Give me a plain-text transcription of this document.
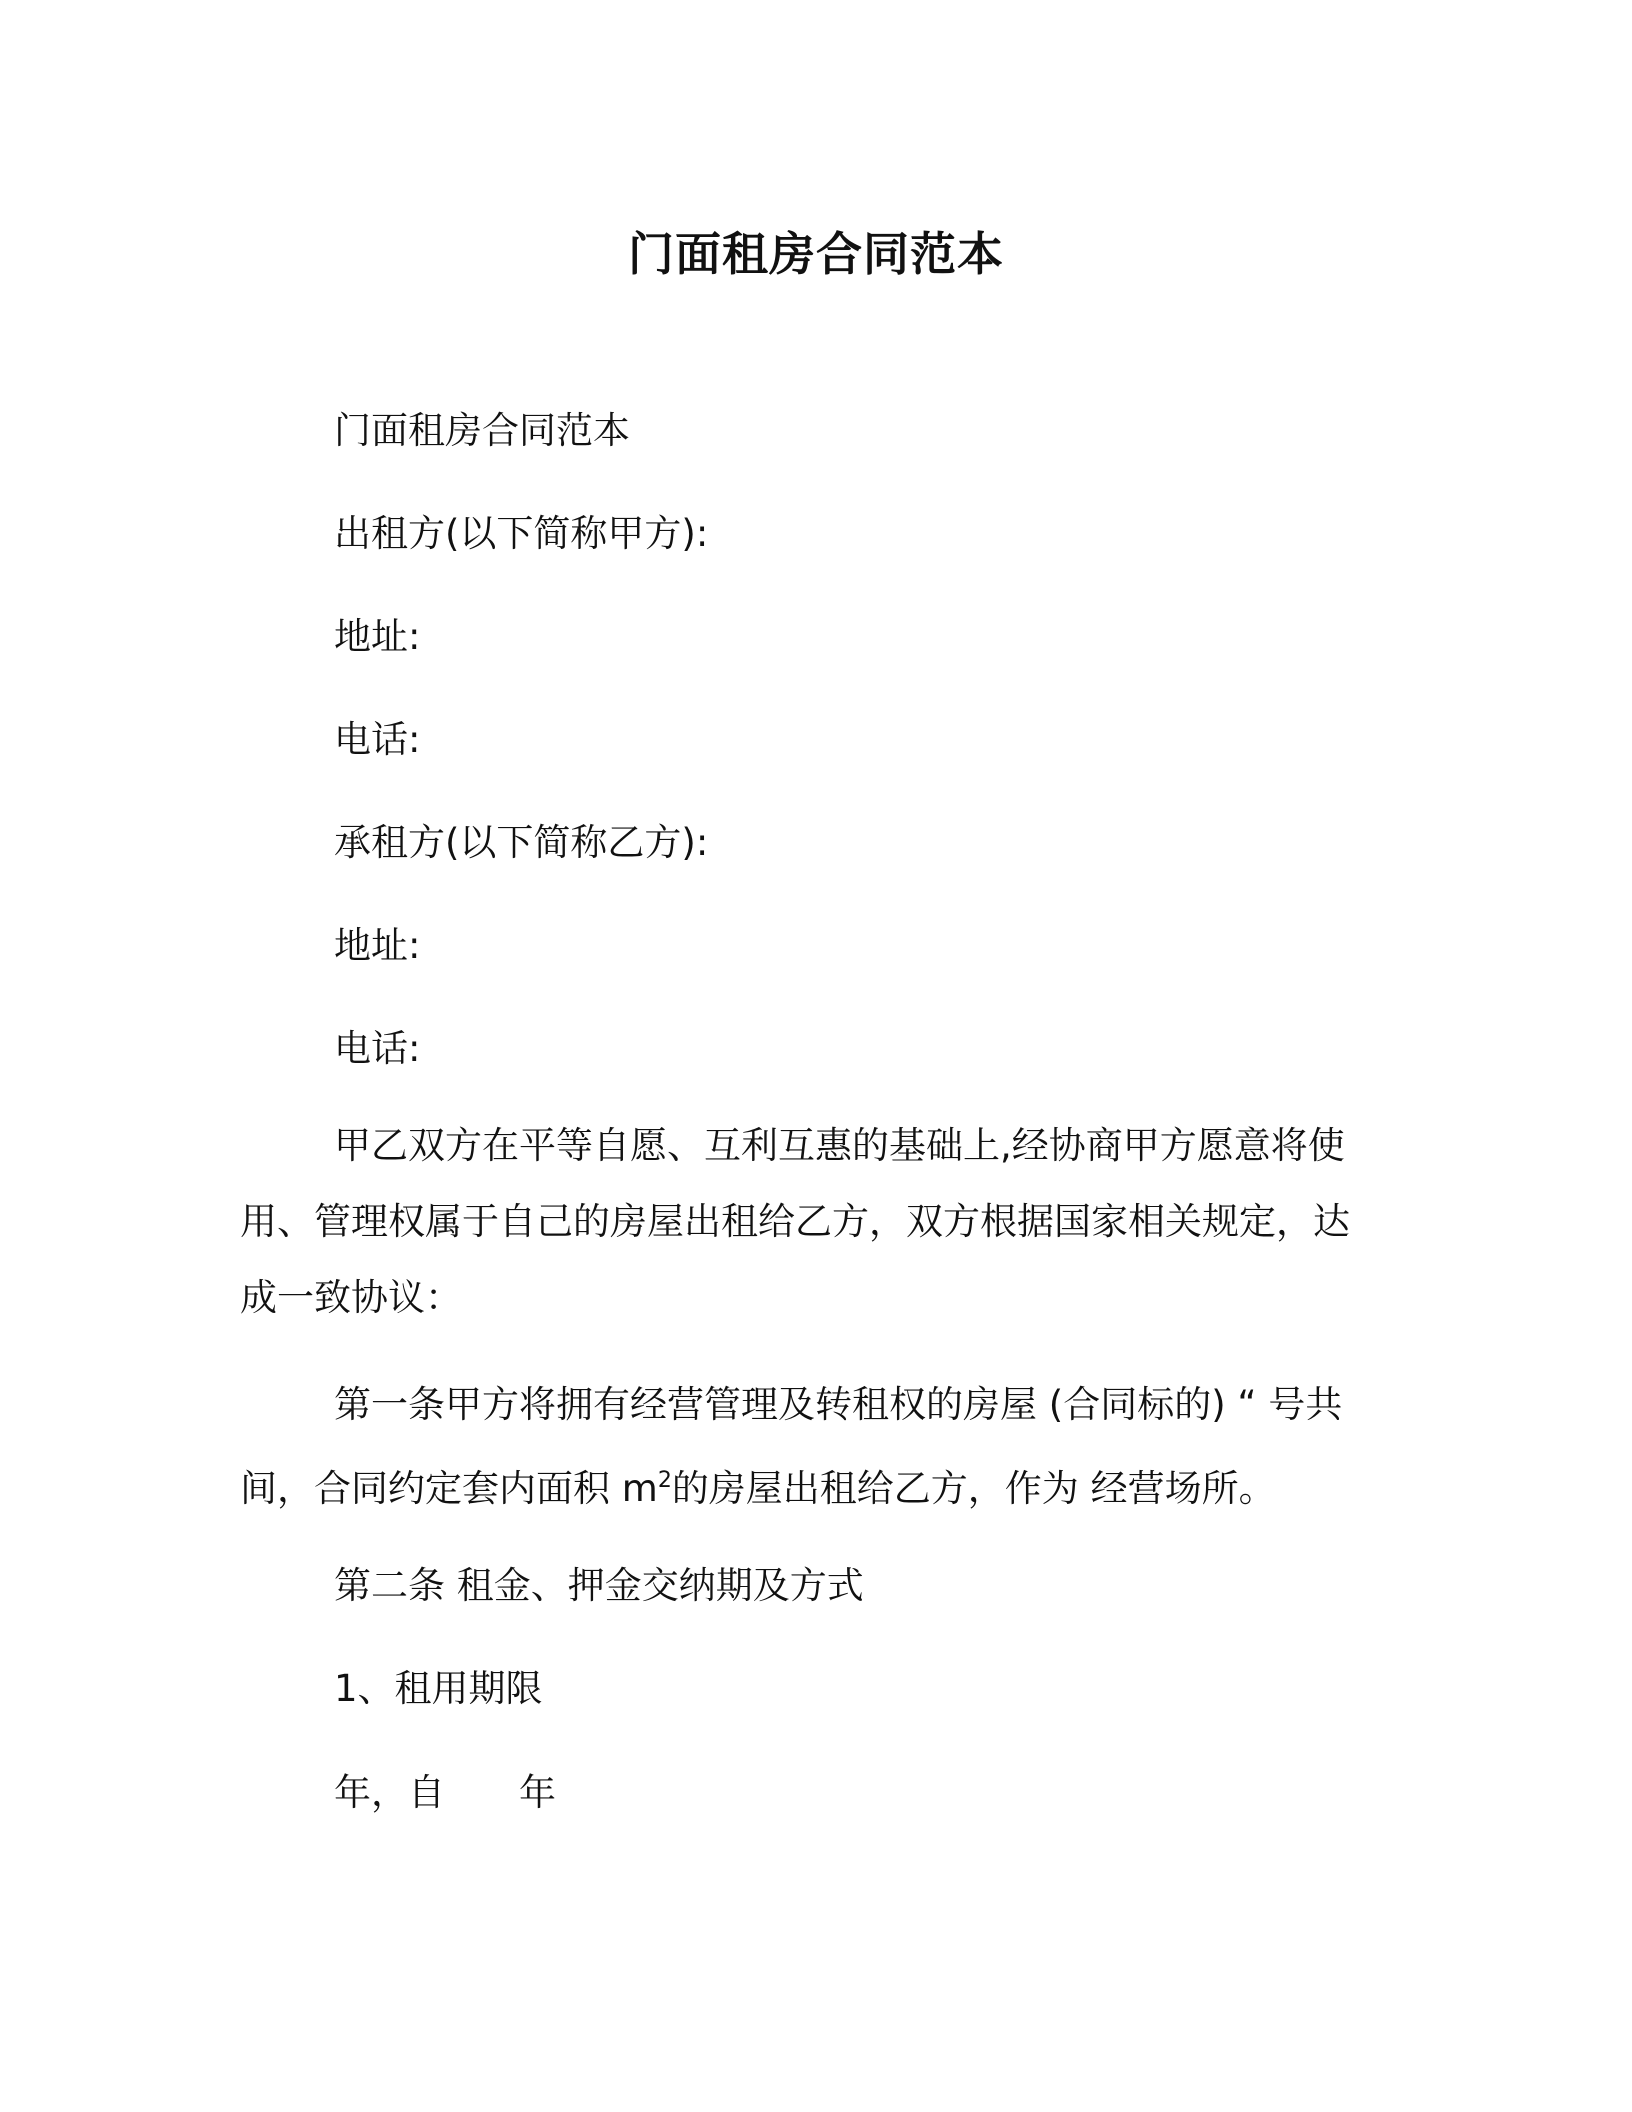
门面租房合同范本
门面租房合同范本
出租方(以下简称甲方):
地址:
电话:
承租方(以下简称乙方):
地址:
电话:
甲乙双方在平等自愿、互利互惠的基础上,经协商甲方愿意将使用、管理权属于自己的房屋出租给乙方，双方根据国家相关规定，达成一致协议：
第一条甲方将拥有经营管理及转租权的房屋 (合同标的) “ 号共间，合同约定套内面积 $m^2$的房屋出租给乙方，作为 经营场所。
第二条 租金、押金交纳期及方式
1、租用期限
年，自　　年
